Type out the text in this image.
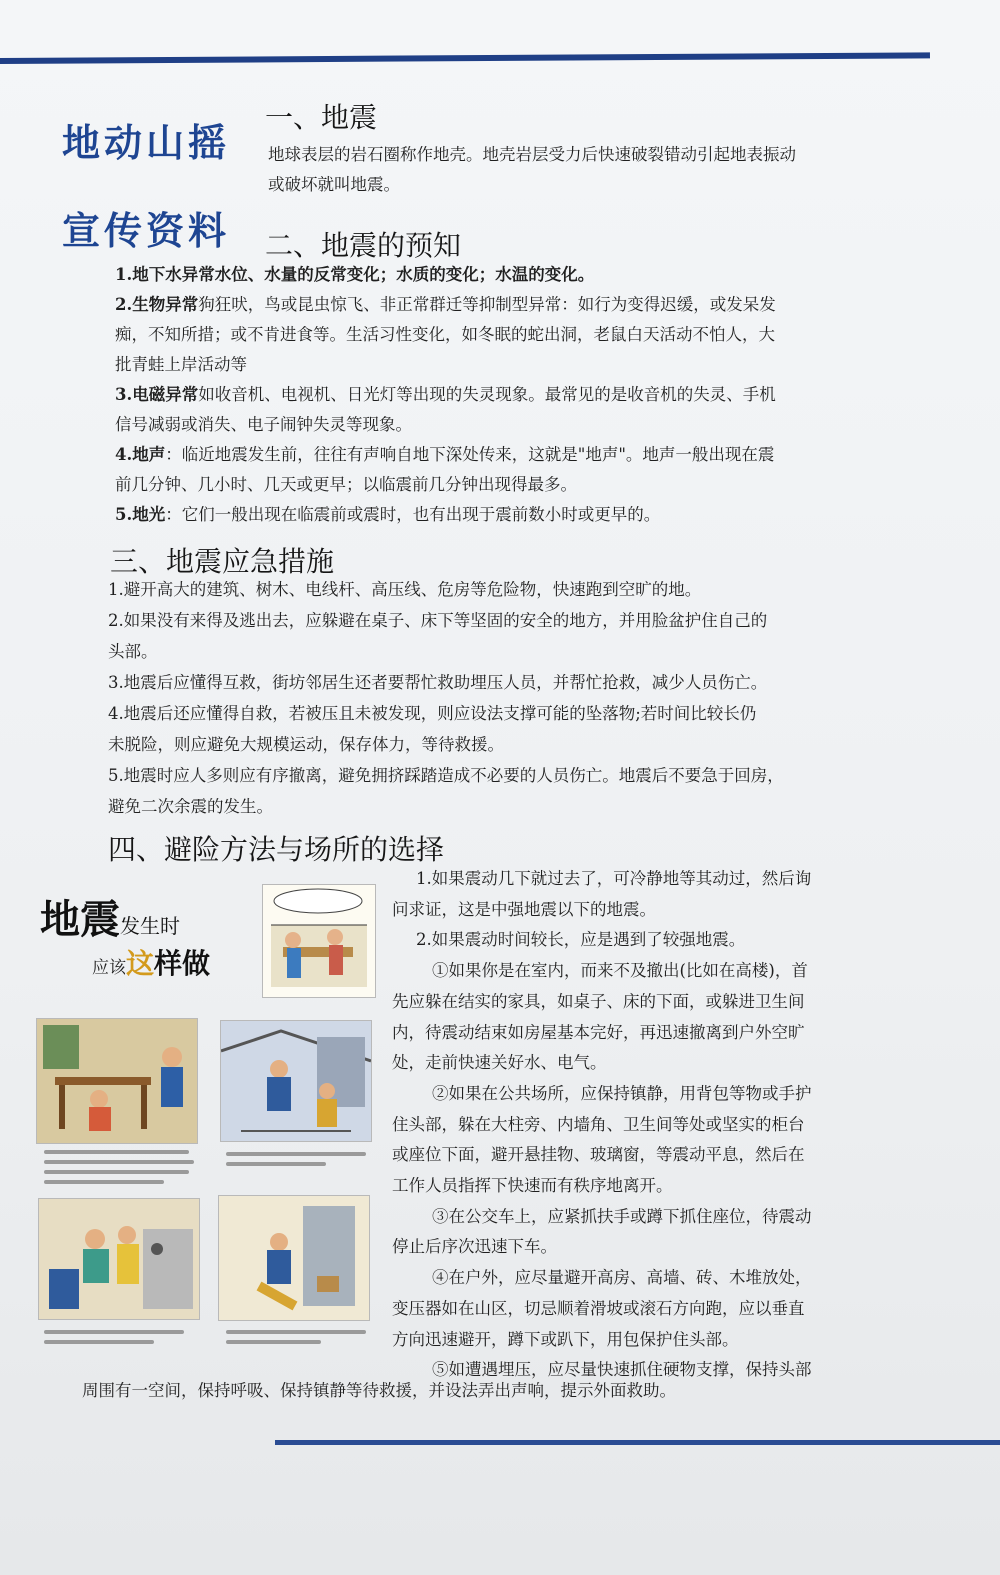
地动山摇
宣传资料
一、地震
地球表层的岩石圈称作地壳。地壳岩层受力后快速破裂错动引起地表振动
或破坏就叫地震。
二、地震的预知
1.地下水异常水位、水量的反常变化；水质的变化；水温的变化。
2.生物异常狗狂吠，鸟或昆虫惊飞、非正常群迁等抑制型异常：如行为变得迟缓，或发呆发
痴，不知所措；或不肯进食等。生活习性变化，如冬眠的蛇出洞，老鼠白天活动不怕人，大
批青蛙上岸活动等
3.电磁异常如收音机、电视机、日光灯等出现的失灵现象。最常见的是收音机的失灵、手机
信号减弱或消失、电子闹钟失灵等现象。
4.地声：临近地震发生前，往往有声响自地下深处传来，这就是"地声"。地声一般出现在震
前几分钟、几小时、几天或更早；以临震前几分钟出现得最多。
5.地光：它们一般出现在临震前或震时，也有出现于震前数小时或更早的。
三、地震应急措施
1.避开高大的建筑、树木、电线杆、高压线、危房等危险物，快速跑到空旷的地。
2.如果没有来得及逃出去，应躲避在桌子、床下等坚固的安全的地方，并用脸盆护住自己的
头部。
3.地震后应懂得互救，街坊邻居生还者要帮忙救助埋压人员，并帮忙抢救，减少人员伤亡。
4.地震后还应懂得自救，若被压且未被发现，则应设法支撑可能的坠落物;若时间比较长仍
未脱险，则应避免大规模运动，保存体力，等待救援。
5.地震时应人多则应有序撤离，避免拥挤踩踏造成不必要的人员伤亡。地震后不要急于回房，
避免二次余震的发生。
四、避险方法与场所的选择
地震发生时
应该这样做
1.如果震动几下就过去了，可冷静地等其动过，然后询
问求证，这是中强地震以下的地震。
2.如果震动时间较长，应是遇到了较强地震。
①如果你是在室内，而来不及撤出(比如在高楼)，首
先应躲在结实的家具，如桌子、床的下面，或躲进卫生间
内，待震动结束如房屋基本完好，再迅速撤离到户外空旷
处，走前快速关好水、电气。
②如果在公共场所，应保持镇静，用背包等物或手护
住头部，躲在大柱旁、内墙角、卫生间等处或坚实的柜台
或座位下面，避开悬挂物、玻璃窗，等震动平息，然后在
工作人员指挥下快速而有秩序地离开。
③在公交车上，应紧抓扶手或蹲下抓住座位，待震动
停止后序次迅速下车。
④在户外，应尽量避开高房、高墙、砖、木堆放处，
变压器如在山区，切忌顺着滑坡或滚石方向跑，应以垂直
方向迅速避开，蹲下或趴下，用包保护住头部。
⑤如遭遇埋压，应尽量快速抓住硬物支撑，保持头部
周围有一空间，保持呼吸、保持镇静等待救援，并设法弄出声响，提示外面救助。
